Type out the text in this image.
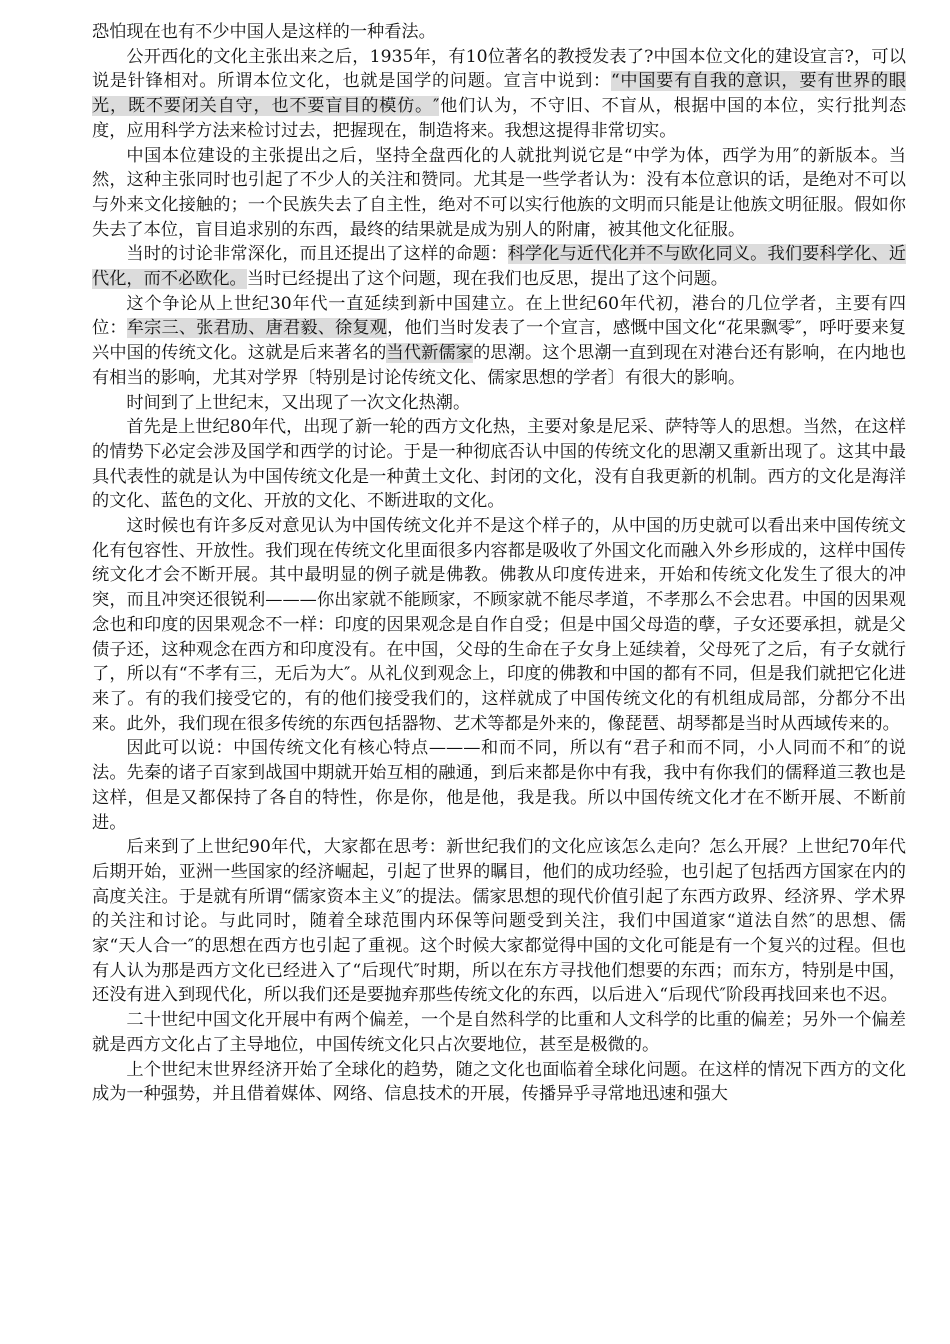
恐怕现在也有不少中国人是这样的一种看法。

公开西化的文化主张出来之后，1935年，有10位著名的教授发表了?中国本位文化的建设宣言?，可以说是针锋相对。所谓本位文化，也就是国学的问题。宣言中说到：“中国要有自我的意识，要有世界的眼光，既不要闭关自守，也不要盲目的模仿。″他们认为，不守旧、不盲从，根据中国的本位，实行批判态度，应用科学方法来检讨过去，把握现在，制造将来。我想这提得非常切实。

中国本位建设的主张提出之后，坚持全盘西化的人就批判说它是“中学为体，西学为用″的新版本。当然，这种主张同时也引起了不少人的关注和赞同。尤其是一些学者认为：没有本位意识的话，是绝对不可以与外来文化接触的；一个民族失去了自主性，绝对不可以实行他族的文明而只能是让他族文明征服。假如你失去了本位，盲目追求别的东西，最终的结果就是成为别人的附庸，被其他文化征服。

当时的讨论非常深化，而且还提出了这样的命题：科学化与近代化并不与欧化同义。我们要科学化、近代化，而不必欧化。当时已经提出了这个问题，现在我们也反思，提出了这个问题。

这个争论从上世纪30年代一直延续到新中国建立。在上世纪60年代初，港台的几位学者，主要有四位：牟宗三、张君劢、唐君毅、徐复观，他们当时发表了一个宣言，感慨中国文化“花果飘零″，呼吁要来复兴中国的传统文化。这就是后来著名的当代新儒家的思潮。这个思潮一直到现在对港台还有影响，在内地也有相当的影响，尤其对学界〔特别是讨论传统文化、儒家思想的学者〕有很大的影响。

时间到了上世纪末，又出现了一次文化热潮。

首先是上世纪80年代，出现了新一轮的西方文化热，主要对象是尼采、萨特等人的思想。当然，在这样的情势下必定会涉及国学和西学的讨论。于是一种彻底否认中国的传统文化的思潮又重新出现了。这其中最具代表性的就是认为中国传统文化是一种黄土文化、封闭的文化，没有自我更新的机制。西方的文化是海洋的文化、蓝色的文化、开放的文化、不断进取的文化。

这时候也有许多反对意见认为中国传统文化并不是这个样子的，从中国的历史就可以看出来中国传统文化有包容性、开放性。我们现在传统文化里面很多内容都是吸收了外国文化而融入外乡形成的，这样中国传统文化才会不断开展。其中最明显的例子就是佛教。佛教从印度传进来，开始和传统文化发生了很大的冲突，而且冲突还很锐利———你出家就不能顾家，不顾家就不能尽孝道，不孝那么不会忠君。中国的因果观念也和印度的因果观念不一样：印度的因果观念是自作自受；但是中国父母造的孽，子女还要承担，就是父债子还，这种观念在西方和印度没有。在中国，父母的生命在子女身上延续着，父母死了之后，有子女就行了，所以有“不孝有三，无后为大″。从礼仪到观念上，印度的佛教和中国的都有不同，但是我们就把它化进来了。有的我们接受它的，有的他们接受我们的，这样就成了中国传统文化的有机组成局部，分都分不出来。此外，我们现在很多传统的东西包括器物、艺术等都是外来的，像琵琶、胡琴都是当时从西域传来的。

因此可以说：中国传统文化有核心特点———和而不同，所以有“君子和而不同，小人同而不和″的说法。先秦的诸子百家到战国中期就开始互相的融通，到后来都是你中有我，我中有你我们的儒释道三教也是这样，但是又都保持了各自的特性，你是你，他是他，我是我。所以中国传统文化才在不断开展、不断前进。

后来到了上世纪90年代，大家都在思考：新世纪我们的文化应该怎么走向？怎么开展？上世纪70年代后期开始，亚洲一些国家的经济崛起，引起了世界的瞩目，他们的成功经验，也引起了包括西方国家在内的高度关注。于是就有所谓“儒家资本主义″的提法。儒家思想的现代价值引起了东西方政界、经济界、学术界的关注和讨论。与此同时，随着全球范围内环保等问题受到关注，我们中国道家“道法自然″的思想、儒家“天人合一″的思想在西方也引起了重视。这个时候大家都觉得中国的文化可能是有一个复兴的过程。但也有人认为那是西方文化已经进入了“后现代″时期，所以在东方寻找他们想要的东西；而东方，特别是中国，还没有进入到现代化，所以我们还是要抛弃那些传统文化的东西，以后进入“后现代″阶段再找回来也不迟。

二十世纪中国文化开展中有两个偏差，一个是自然科学的比重和人文科学的比重的偏差；另外一个偏差就是西方文化占了主导地位，中国传统文化只占次要地位，甚至是极微的。

上个世纪末世界经济开始了全球化的趋势，随之文化也面临着全球化问题。在这样的情况下西方的文化成为一种强势，并且借着媒体、网络、信息技术的开展，传播异乎寻常地迅速和强大
